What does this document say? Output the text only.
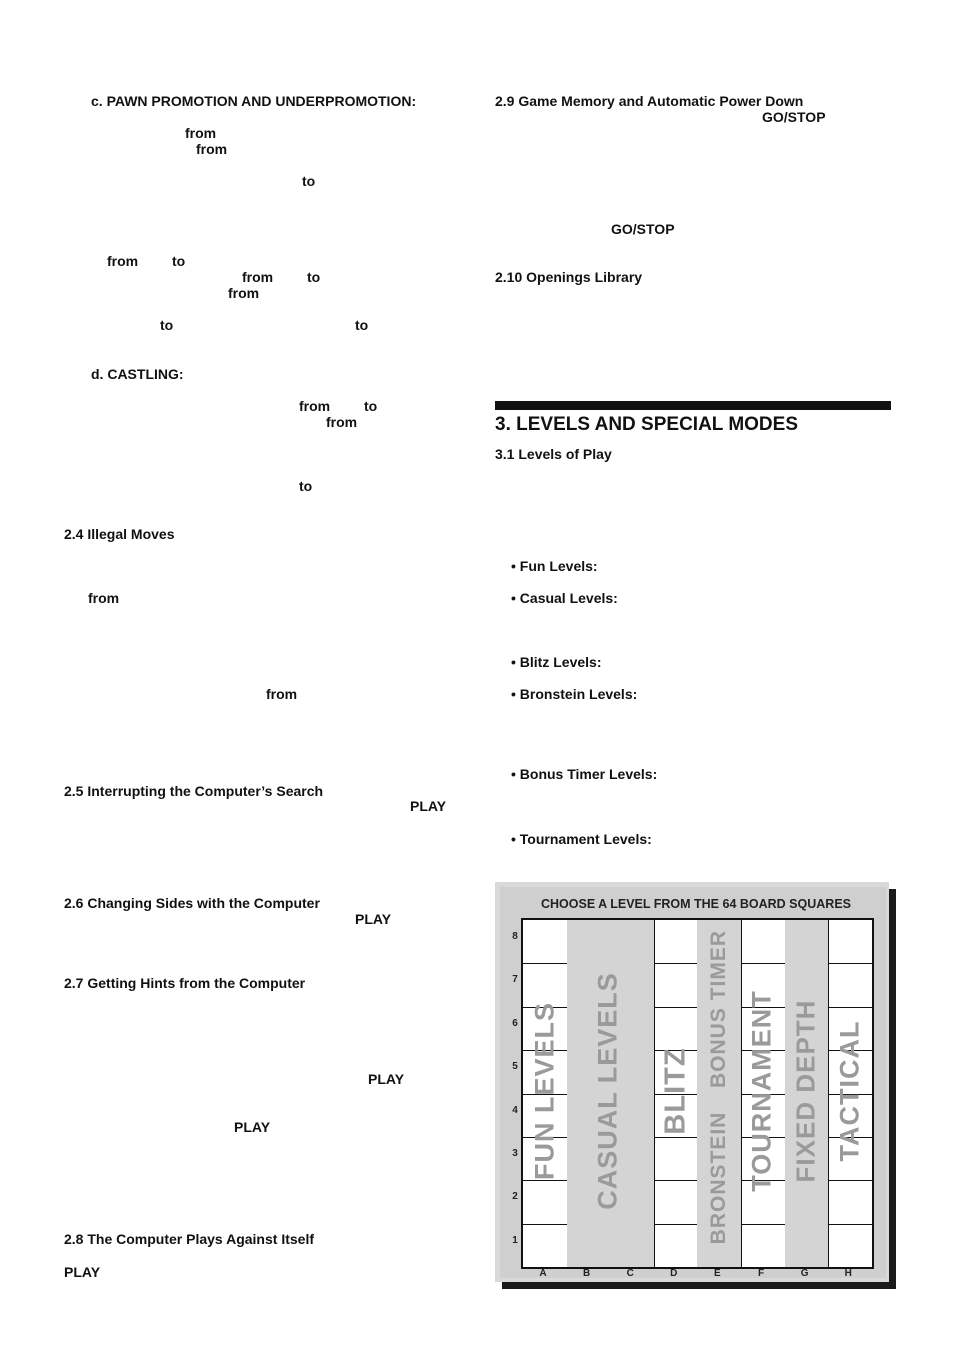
c. PAWN PROMOTION AND UNDERPROMOTION:
from
from
to
from to
from to
from
to	to
d. CASTLING:
from to
from
to
2.4 Illegal Moves
from
from
2.5 Interrupting the Computer’s Search
PLAY
2.6 Changing Sides with the Computer
PLAY
2.7 Getting Hints from the Computer
PLAY
PLAY
2.8 The Computer Plays Against Itself
PLAY
2.9 Game Memory and Automatic Power Down
GO/STOP
GO/STOP
2.10 Openings Library
3. LEVELS AND SPECIAL MODES
3.1 Levels of Play
• Fun Levels:
• Casual Levels:
• Blitz Levels:
• Bronstein Levels:
• Bonus Timer Levels:
• Tournament Levels:
CHOOSE A LEVEL FROM THE 64 BOARD SQUARES
8
7
6
5
4
3
2
1
A	B	C	D	E	F	G	H
FUN LEVELS CASUAL LEVELS BLITZ
BONUS TIMER
BRONSTEIN TOURNAMENT FIXED DEPTH TACTICAL
